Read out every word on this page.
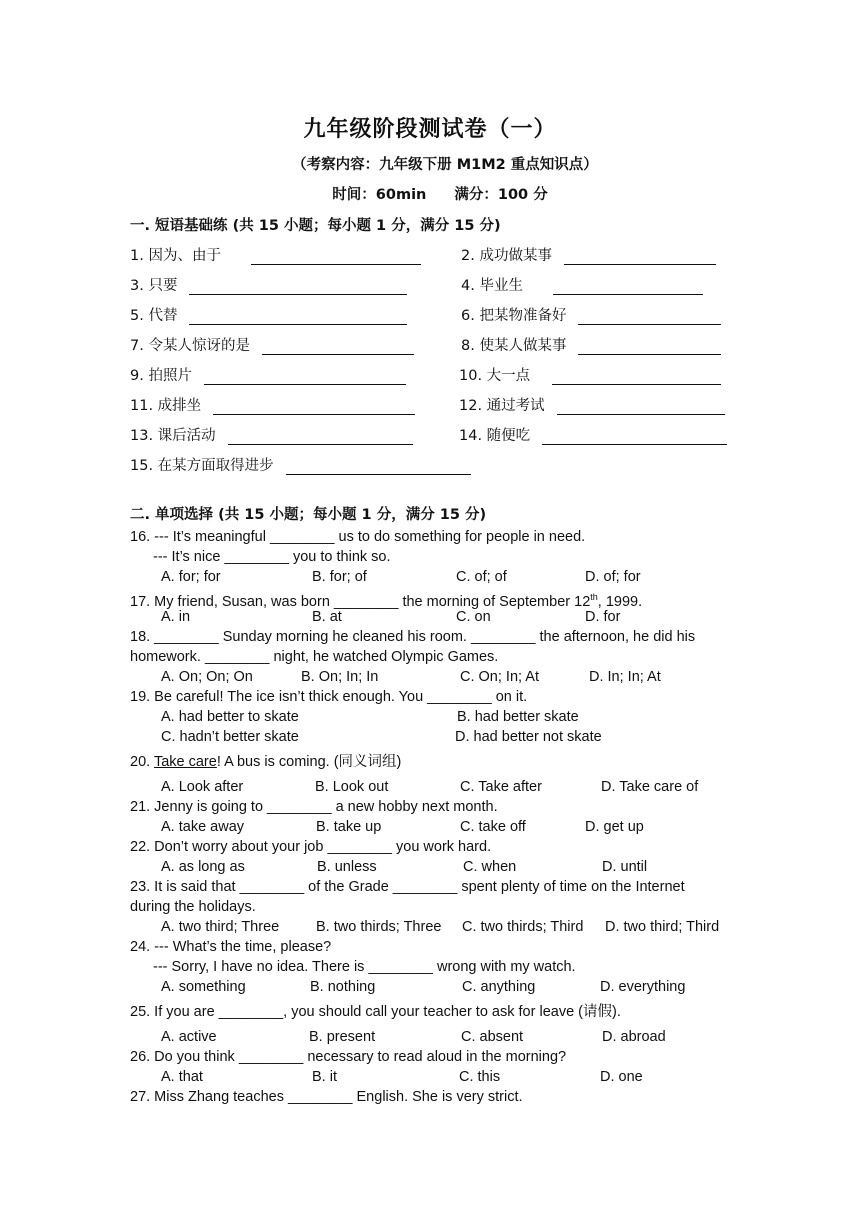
九年级阶段测试卷（一）
（考察内容：九年级下册 M1M2 重点知识点）
时间：60min 满分：100 分
一. 短语基础练 (共 15 小题；每小题 1 分，满分 15 分)
1. 因为、由于	2. 成功做某事
3. 只要	4. 毕业生
5. 代替	6. 把某物准备好
7. 令某人惊讶的是	8. 使某人做某事
9. 拍照片	10. 大一点
11. 成排坐	12. 通过考试
13. 课后活动	14. 随便吃
15. 在某方面取得进步
二. 单项选择 (共 15 小题；每小题 1 分，满分 15 分)
16. --- It’s meaningful ________ us to do something for people in need.
--- It’s nice ________ you to think so.
A. for; for	B. for; of	C. of; of	D. of; for
17. My friend, Susan, was born ________ the morning of September 12th, 1999.
A. in	B. at	C. on	D. for
18. ________ Sunday morning he cleaned his room. ________ the afternoon, he did his
homework. ________ night, he watched Olympic Games.
A. On; On; On	B. On; In; In	C. On; In; At	D. In; In; At
19. Be careful! The ice isn’t thick enough. You ________ on it.
A. had better to skate	B. had better skate
C. hadn’t better skate	D. had better not skate
20. Take care! A bus is coming. (同义词组)
A. Look after	B. Look out	C. Take after	D. Take care of
21. Jenny is going to ________ a new hobby next month.
A. take away	B. take up	C. take off	D. get up
22. Don’t worry about your job ________ you work hard.
A. as long as	B. unless	C. when	D. until
23. It is said that ________ of the Grade ________ spent plenty of time on the Internet
during the holidays.
A. two third; Three	B. two thirds; Three C. two thirds; Third D. two third; Third
24. --- What’s the time, please?
--- Sorry, I have no idea. There is ________ wrong with my watch.
A. something	B. nothing	C. anything	D. everything
25. If you are ________, you should call your teacher to ask for leave (请假).
A. active	B. present	C. absent	D. abroad
26. Do you think ________ necessary to read aloud in the morning?
A. that	B. it	C. this	D. one
27. Miss Zhang teaches ________ English. She is very strict.
